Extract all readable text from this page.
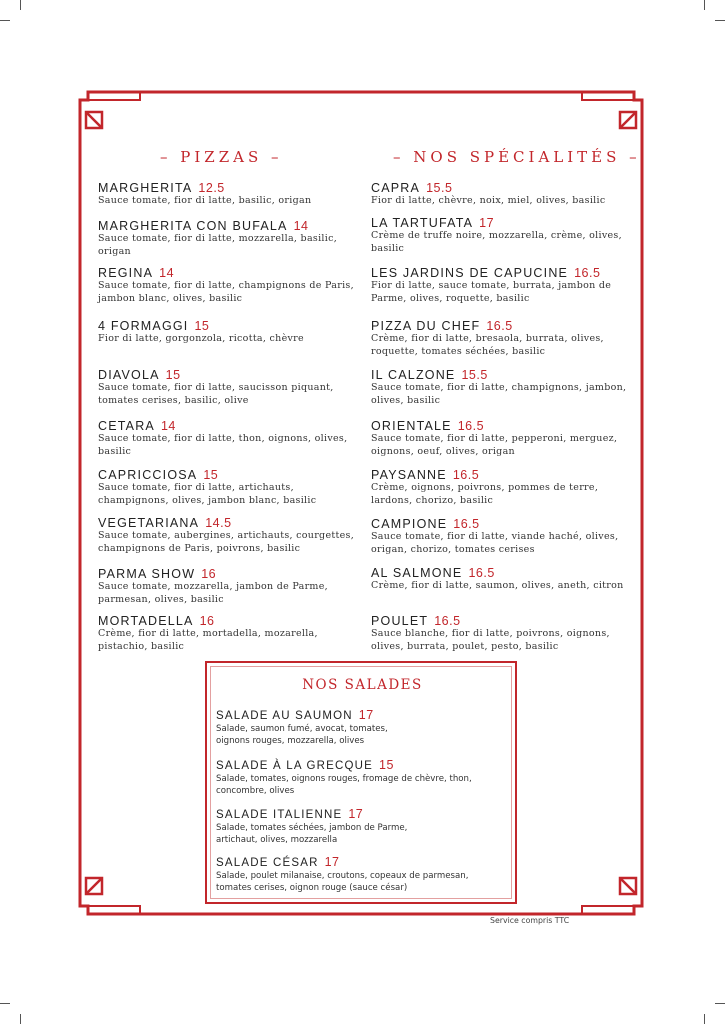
– PIZZAS –	– NOS SPÉCIALITÉS –
MARGHERITA 12.5
Sauce tomate, fior di latte, basilic, origan
MARGHERITA CON BUFALA 14
Sauce tomate, fior di latte, mozzarella, basilic, origan
REGINA 14
Sauce tomate, fior di latte, champignons de Paris, jambon blanc, olives, basilic
4 FORMAGGI 15
Fior di latte, gorgonzola, ricotta, chèvre
DIAVOLA 15
Sauce tomate, fior di latte, saucisson piquant, tomates cerises, basilic, olive
CETARA 14
Sauce tomate, fior di latte, thon, oignons, olives, basilic
CAPRICCIOSA 15
Sauce tomate, fior di latte, artichauts, champignons, olives, jambon blanc, basilic
VEGETARIANA 14.5
Sauce tomate, aubergines, artichauts, courgettes, champignons de Paris, poivrons, basilic
PARMA SHOW 16
Sauce tomate, mozzarella, jambon de Parme, parmesan, olives, basilic
MORTADELLA 16
Crème, fior di latte, mortadella, mozarella, pistachio, basilic
CAPRA 15.5
Fior di latte, chèvre, noix, miel, olives, basilic
LA TARTUFATA 17
Crème de truffe noire, mozzarella, crème, olives, basilic
LES JARDINS DE CAPUCINE 16.5
Fior di latte, sauce tomate, burrata, jambon de Parme, olives, roquette, basilic
PIZZA DU CHEF 16.5
Crème, fior di latte, bresaola, burrata, olives, roquette, tomates séchées, basilic
IL CALZONE 15.5
Sauce tomate, fior di latte, champignons, jambon, olives, basilic
ORIENTALE 16.5
Sauce tomate, fior di latte, pepperoni, merguez, oignons, oeuf, olives, origan
PAYSANNE 16.5
Crème, oignons, poivrons, pommes de terre, lardons, chorizo, basilic
CAMPIONE 16.5
Sauce tomate, fior di latte, viande haché, olives, origan, chorizo, tomates cerises
AL SALMONE 16.5
Crème, fior di latte, saumon, olives, aneth, citron
POULET 16.5
Sauce blanche, fior di latte, poivrons, oignons, olives, burrata, poulet, pesto, basilic
NOS SALADES
SALADE AU SAUMON 17
Salade, saumon fumé, avocat, tomates, oignons rouges, mozzarella, olives
SALADE À LA GRECQUE 15
Salade, tomates, oignons rouges, fromage de chèvre, thon, concombre, olives
SALADE ITALIENNE 17
Salade, tomates séchées, jambon de Parme, artichaut, olives, mozzarella
SALADE CÉSAR 17
Salade, poulet milanaise, croutons, copeaux de parmesan, tomates cerises, oignon rouge (sauce césar)
Service compris TTC
